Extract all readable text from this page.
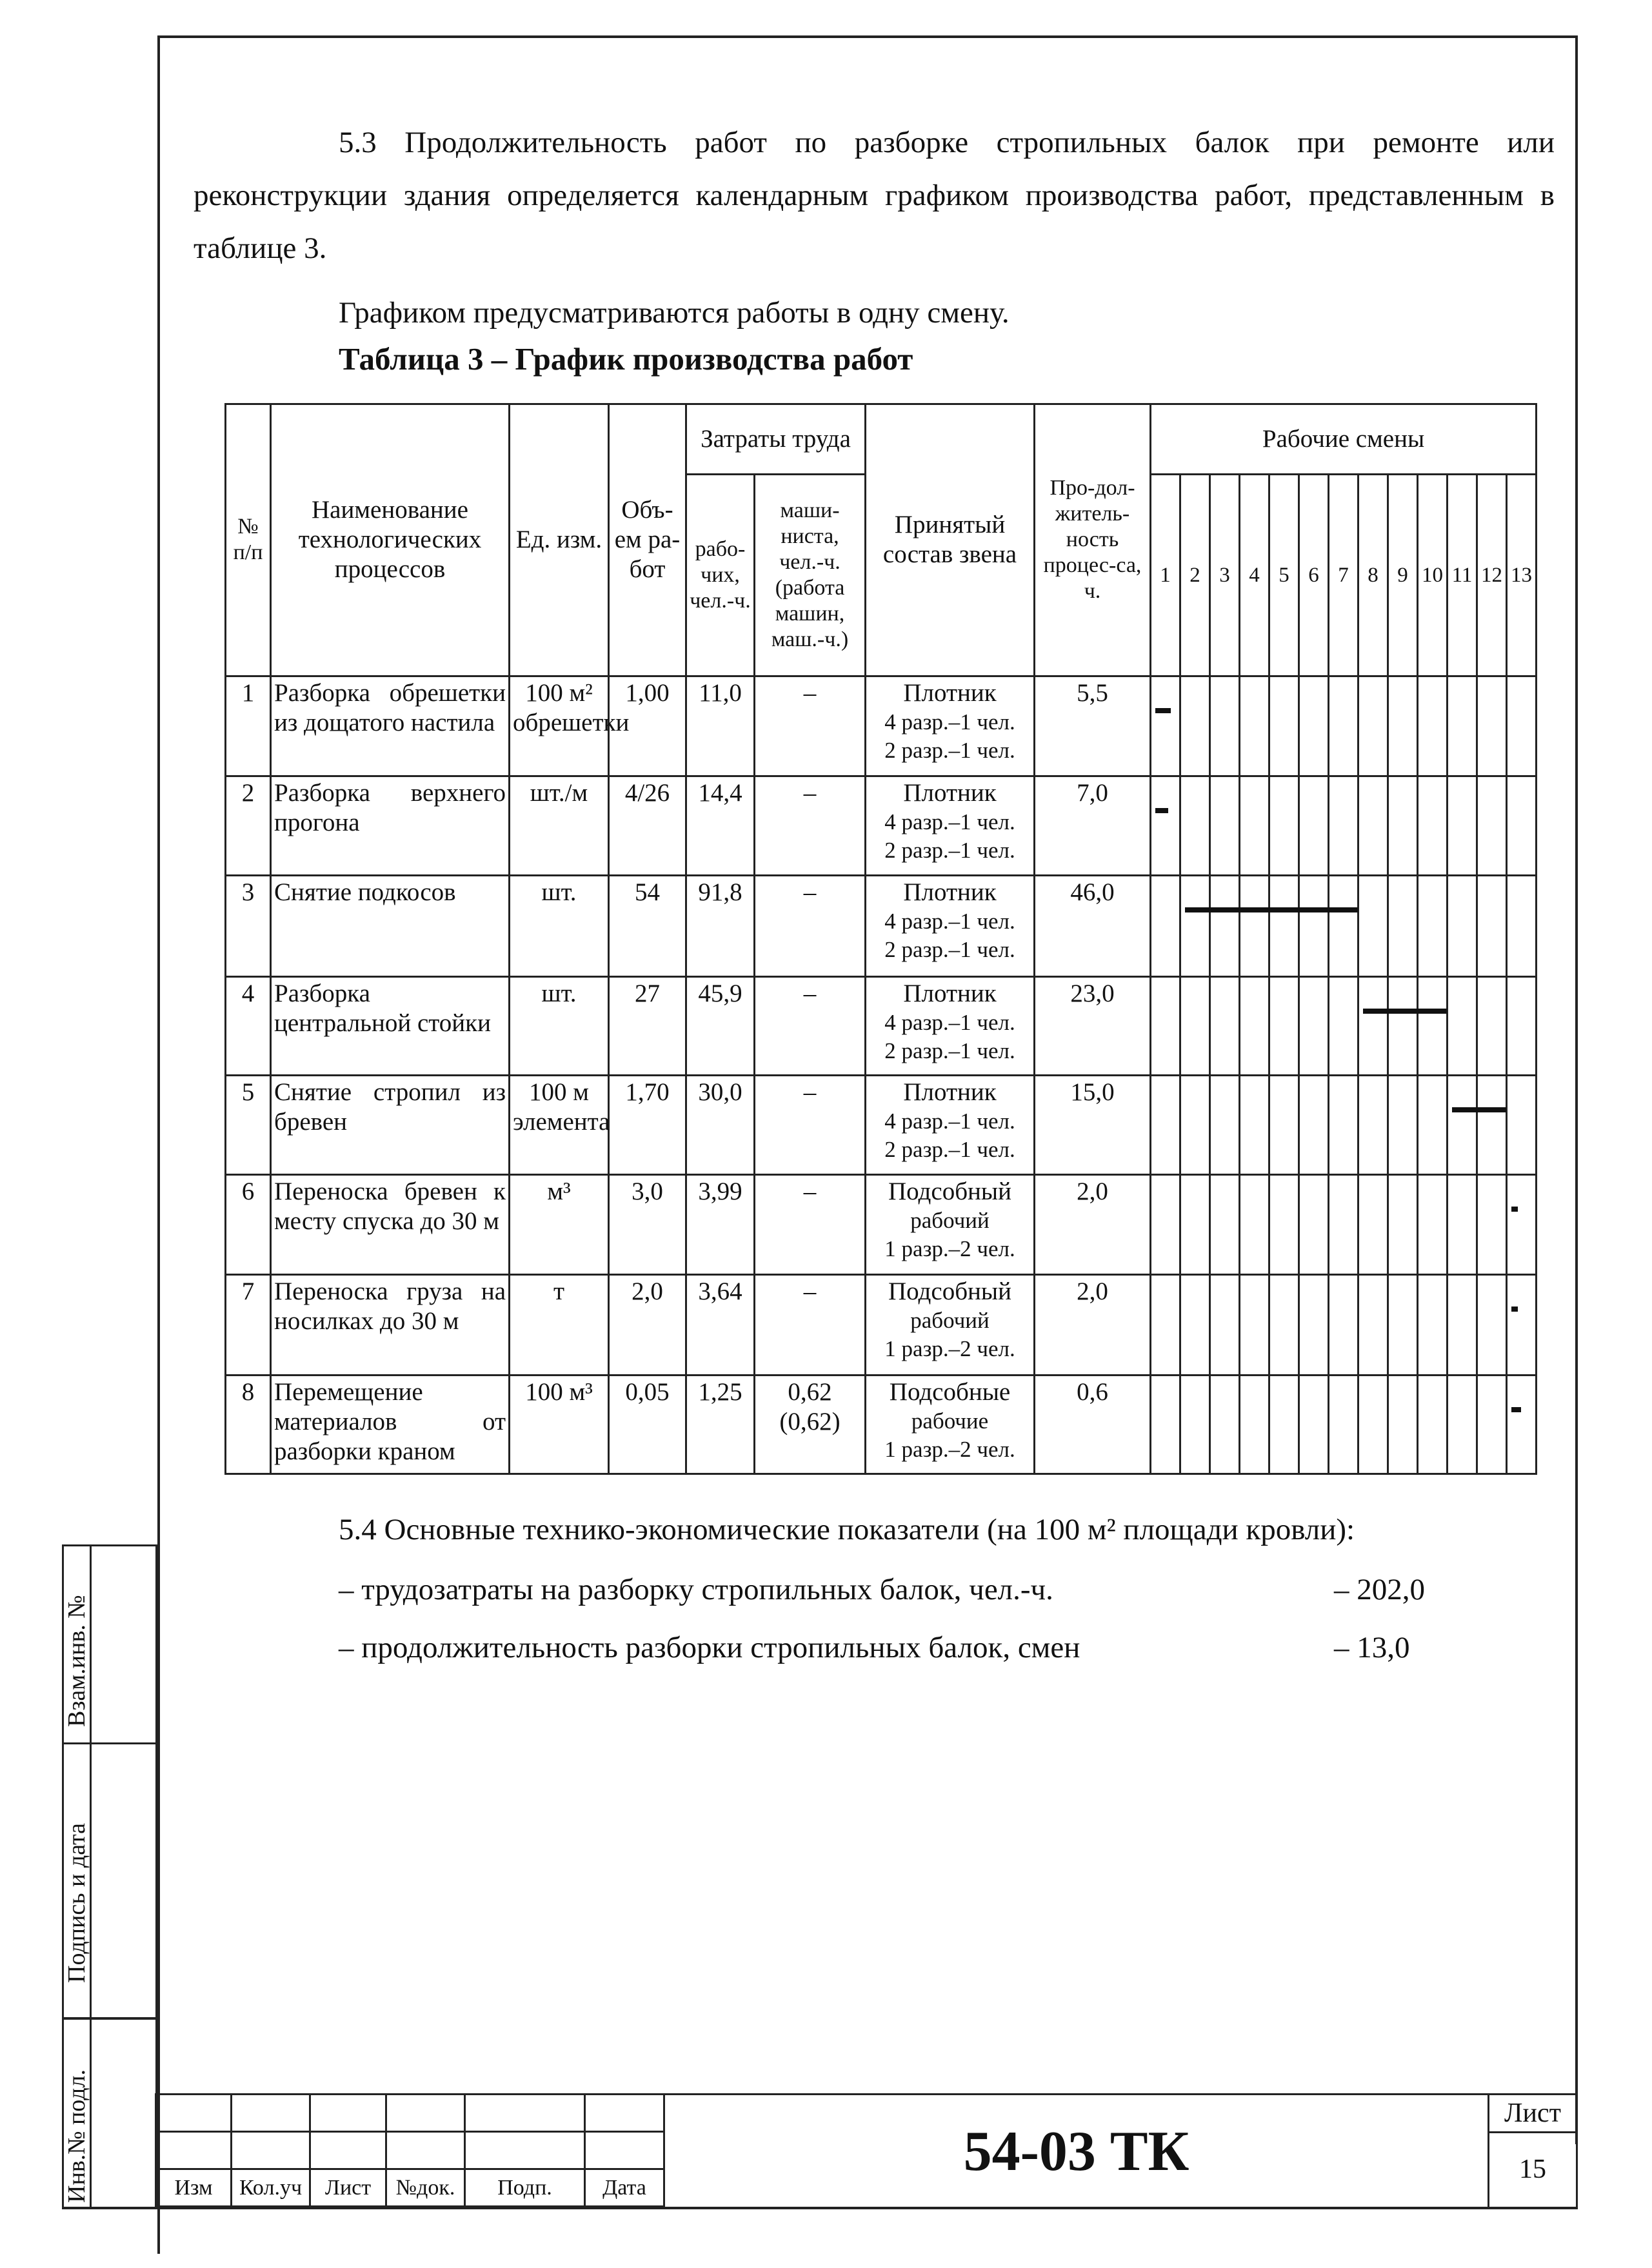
5.3 Продолжительность работ по разборке стропильных балок при ремонте или реконструкции здания определяется календарным графиком производства работ, представленным в таблице 3.

Графиком предусматриваются работы в одну смену.

Таблица 3 – График производства работ
№ п/п	Наименование технологических процессов	Ед. изм.	Объ-ем ра-бот	Затраты труда		Принятый состав звена	Про-дол-житель-ность процес-са, ч.	Рабочие смены												
				рабо-чих, чел.-ч.	маши-ниста, чел.-ч. (работа машин, маш.-ч.)			1	2	3	4	5	6	7	8	9	10	11	12	13
1	Разборка обрешетки из дощатого настила	100 м² обрешетки	1,00	11,0	–	Плотник
4 разр.–1 чел.
2 разр.–1 чел.	5,5	

2	Разборка верхнего прогона	шт./м	4/26	14,4	–	Плотник
4 разр.–1 чел.
2 разр.–1 чел.	7,0	

3	Снятие подкосов	шт.	54	91,8	–	Плотник
4 разр.–1 чел.
2 разр.–1 чел.	46,0		

4	Разборка центральной стойки	шт.	27	45,9	–	Плотник
4 разр.–1 чел.
2 разр.–1 чел.	23,0								

5	Снятие стропил из бревен	100 м элемента	1,70	30,0	–	Плотник
4 разр.–1 чел.
2 разр.–1 чел.	15,0											

6	Переноска бревен к месту спуска до 30 м	м³	3,0	3,99	–	Подсобный
рабочий
1 разр.–2 чел.	2,0													

7	Переноска груза на носилках до 30 м	т	2,0	3,64	–	Подсобный
рабочий
1 разр.–2 чел.	2,0													

8	Перемещение материалов от разборки краном	100 м³	0,05	1,25	0,62 (0,62)	Подсобные
рабочие
1 разр.–2 чел.	0,6													
5.4 Основные технико-экономические показатели (на 100 м² площади кровли):
– трудозатраты на разборку стропильных балок, чел.-ч.	– 202,0
– продолжительность разборки стропильных балок, смен	– 13,0
Взам.инв. №
Подпись и дата
Инв.№ подл.

						Изм	Кол.уч	Лист	№док.	Подп.	Дата
54-03 ТК
Лист
15
